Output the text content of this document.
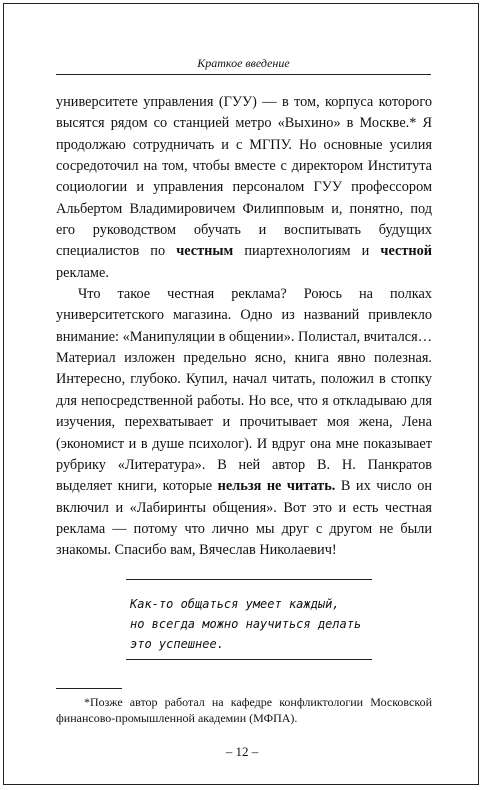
Краткое введение

университете управления (ГУУ) — в том, корпуса которого высятся рядом со станцией метро «Выхино» в Москве.* Я продолжаю сотрудничать и с МГПУ. Но основные усилия сосредоточил на том, чтобы вместе с директором Института социологии и управления персоналом ГУУ профессором Альбертом Владимировичем Филипповым и, понятно, под его руководством обучать и воспитывать будущих специалистов по честным пиартехнологиям и честной рекламе.

Что такое честная реклама? Роюсь на полках университетского магазина. Одно из названий привлекло внимание: «Манипуляции в общении». Полистал, вчитался… Материал изложен предельно ясно, книга явно полезная. Интересно, глубоко. Купил, начал читать, положил в стопку для непосредственной работы. Но все, что я откладываю для изучения, перехватывает и прочитывает моя жена, Лена (экономист и в душе психолог). И вдруг она мне показывает рубрику «Литература». В ней автор В. Н. Панкратов выделяет книги, которые нельзя не читать. В их число он включил и «Лабиринты общения». Вот это и есть честная реклама — потому что лично мы друг с другом не были знакомы. Спасибо вам, Вячеслав Николаевич!

Как-то общаться умеет каждый,
но всегда можно научиться делать
это успешнее.
* Позже автор работал на кафедре конфликтологии Московской финансово-промышленной академии (МФПА).
– 12 –
